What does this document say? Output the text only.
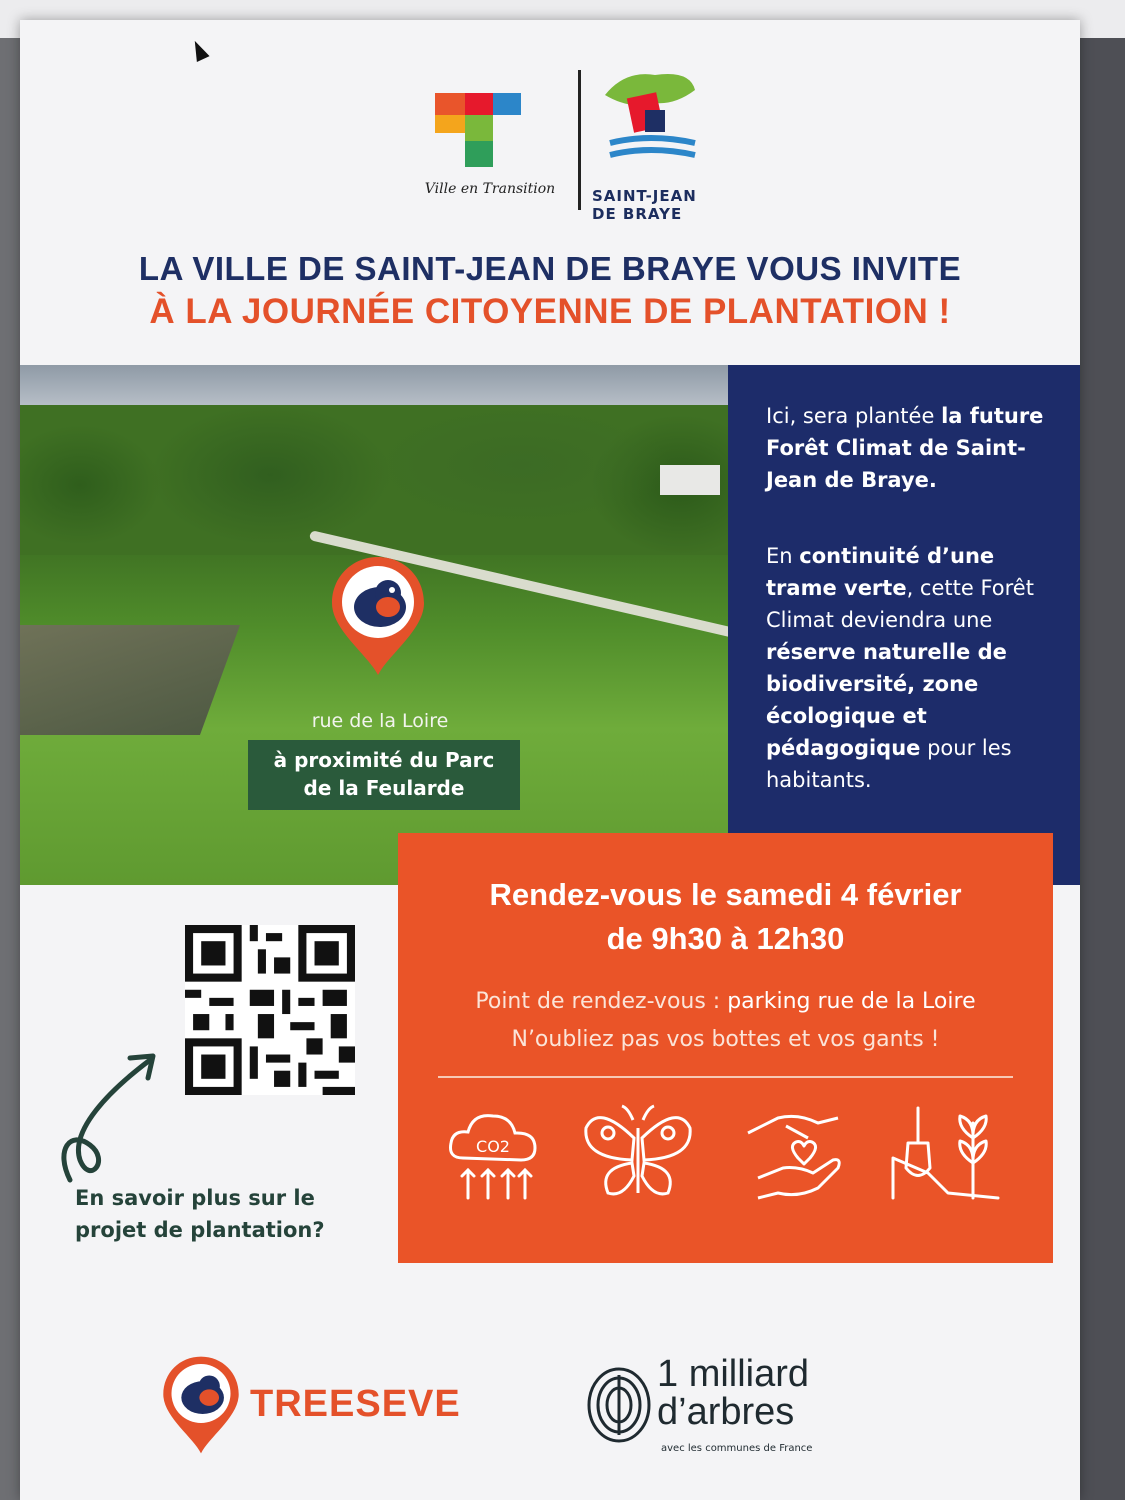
Ville en Transition	SAINT-JEAN
DE BRAYE
LA VILLE DE SAINT-JEAN DE BRAYE VOUS INVITE
À LA JOURNÉE CITOYENNE DE PLANTATION !
rue de la Loire
à proximité du Parc
de la Feularde
Ici, sera plantée la future Forêt Climat de Saint-Jean de Braye.
En continuité d’une trame verte, cette Forêt Climat deviendra une réserve naturelle de biodiversité, zone écologique et pédagogique pour les habitants.
En savoir plus sur le
projet de plantation?
Rendez-vous le samedi 4 février
de 9h30 à 12h30
Point de rendez-vous : parking rue de la Loire
N’oubliez pas vos bottes et vos gants !
CO2
TREESEVE
1 milliard
d’arbres
avec les communes de France
